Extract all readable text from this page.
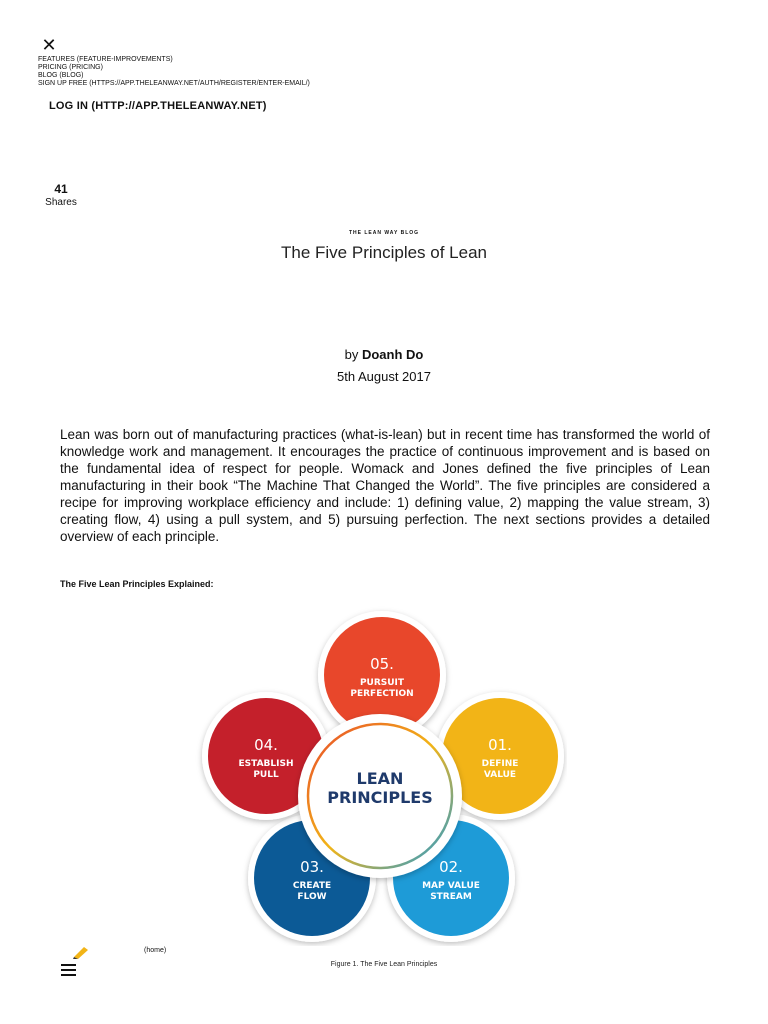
✕
FEATURES (FEATURE-IMPROVEMENTS)
PRICING (PRICING)
BLOG (BLOG)
SIGN UP FREE (HTTPS://APP.THELEANWAY.NET/AUTH/REGISTER/ENTER-EMAIL/)
LOG IN (HTTP://APP.THELEANWAY.NET)
41
Shares
THE LEAN WAY BLOG
The Five Principles of Lean
by Doanh Do
5th August 2017

Lean was born out of manufacturing practices (what-is-lean) but in recent time has transformed the world of knowledge work and management. It encourages the practice of continuous improvement and is based on the fundamental idea of respect for people. Womack and Jones defined the five principles of Lean manufacturing in their book “The Machine That Changed the World”. The five principles are considered a recipe for improving workplace efficiency and include: 1) defining value, 2) mapping the value stream, 3) creating flow, 4) using a pull system, and 5) pursuing perfection. The next sections provides a detailed overview of each principle.

The Five Lean Principles Explained:
05.
PURSUIT
PERFECTION
01.
DEFINE
VALUE
02.
MAP VALUE
STREAM
03.
CREATE
FLOW
04.
ESTABLISH
PULL	LEAN
PRINCIPLES
Figure 1. The Five Lean Principles
(home)
